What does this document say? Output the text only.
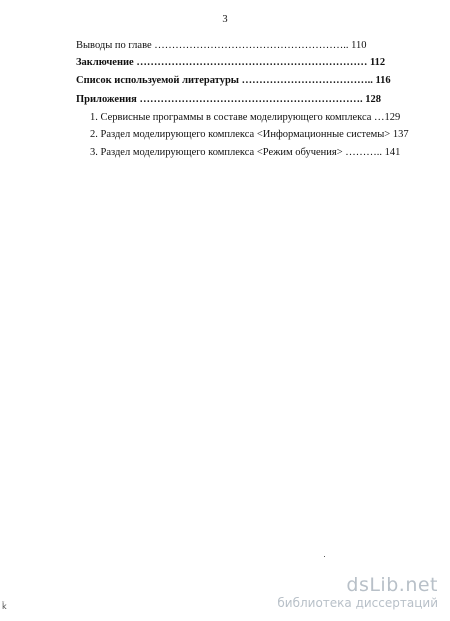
3
Выводы по главе ……………………………………………….. 110
Заключение ………………………………………………………… 112
Список используемой литературы ……………………………….. 116
Приложения ………………………………………………………. 128
1. Сервисные программы в составе моделирующего комплекса …129
2. Раздел моделирующего комплекса <Информационные системы> 137
3. Раздел моделирующего комплекса <Режим обучения> ……….. 141
ǩ
dsLib.net
библиотека диссертаций
